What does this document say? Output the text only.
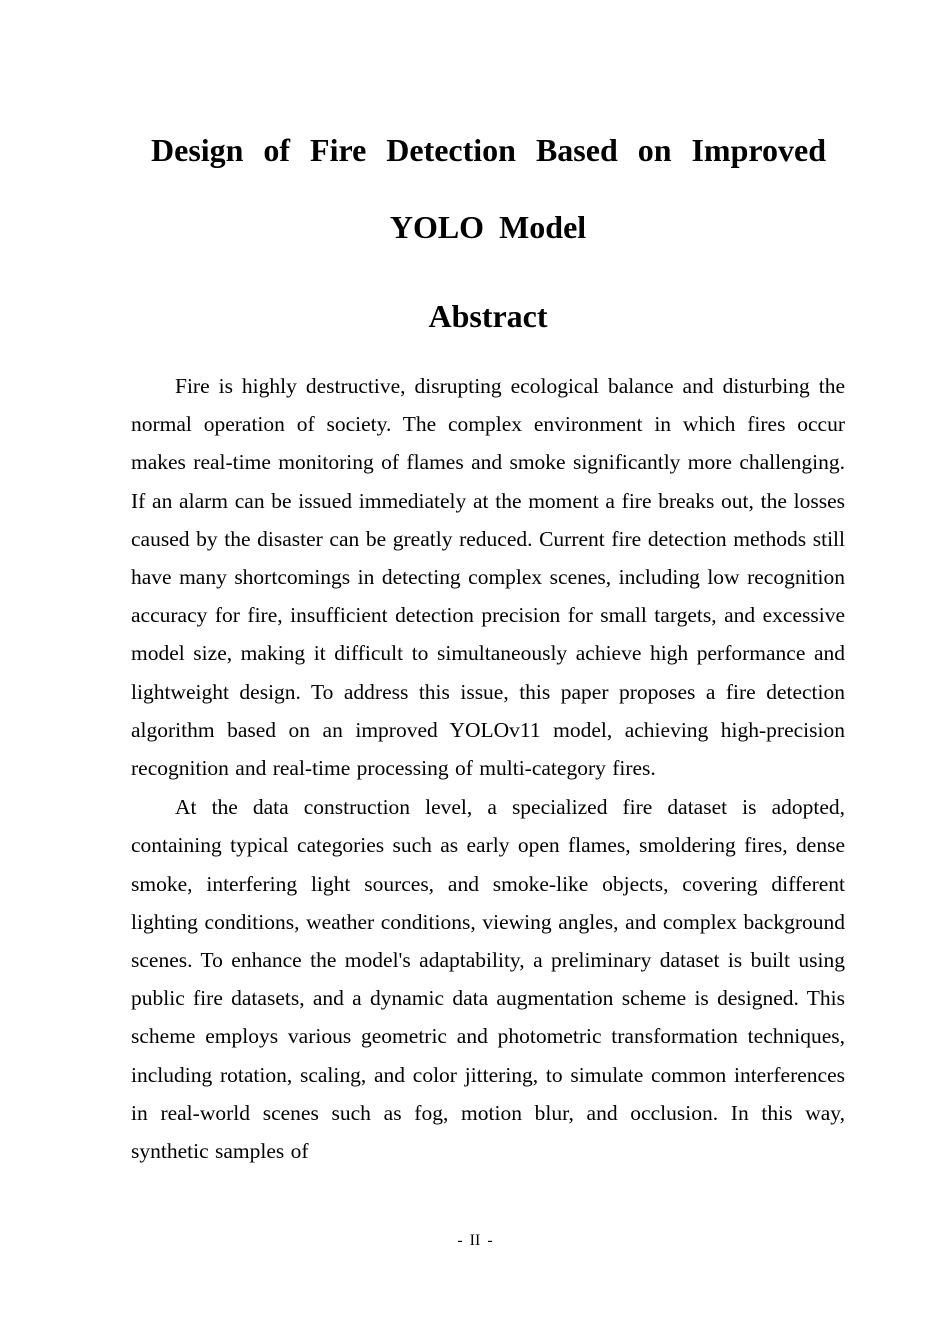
Design of Fire Detection Based on Improved
YOLO Model
Abstract

Fire is highly destructive, disrupting ecological balance and disturbing the normal operation of society. The complex environment in which fires occur makes real-time monitoring of flames and smoke significantly more challenging. If an alarm can be issued immediately at the moment a fire breaks out, the losses caused by the disaster can be greatly reduced. Current fire detection methods still have many shortcomings in detecting complex scenes, including low recognition accuracy for fire, insufficient detection precision for small targets, and excessive model size, making it difficult to simultaneously achieve high performance and lightweight design. To address this issue, this paper proposes a fire detection algorithm based on an improved YOLOv11 model, achieving high-precision recognition and real-time processing of multi-category fires.

At the data construction level, a specialized fire dataset is adopted, containing typical categories such as early open flames, smoldering fires, dense smoke, interfering light sources, and smoke-like objects, covering different lighting conditions, weather conditions, viewing angles, and complex background scenes. To enhance the model's adaptability, a preliminary dataset is built using public fire datasets, and a dynamic data augmentation scheme is designed. This scheme employs various geometric and photometric transformation techniques, including rotation, scaling, and color jittering, to simulate common interferences in real-world scenes such as fog, motion blur, and occlusion. In this way, synthetic samples of

- II -
